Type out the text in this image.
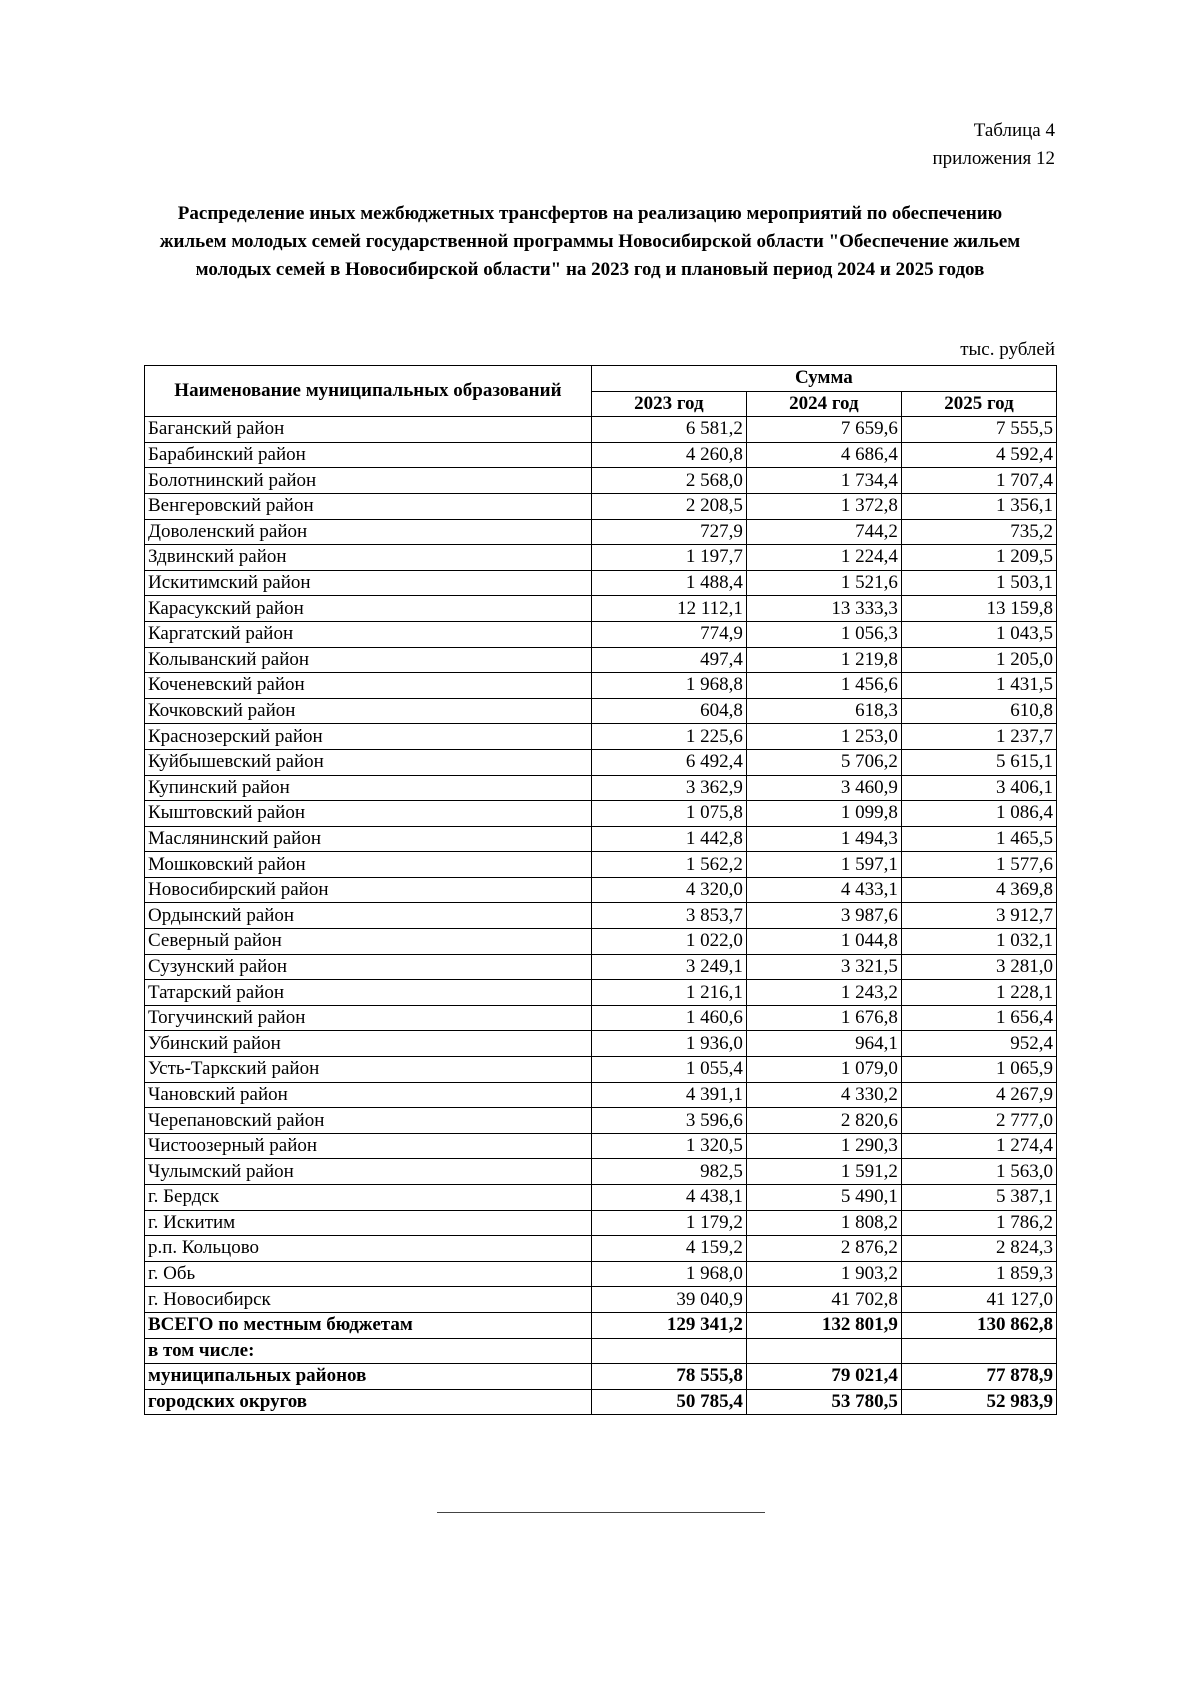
Таблица 4
приложения 12
Распределение иных межбюджетных трансфертов на реализацию мероприятий по обеспечению жильем молодых семей государственной программы Новосибирской области "Обеспечение жильем молодых семей в Новосибирской области" на 2023 год и плановый период 2024 и 2025 годов
тыс. рублей
Наименование муниципальных образований	Сумма		
	2023 год	2024 год	2025 год
Баганский район	6 581,2	7 659,6	7 555,5
Барабинский район	4 260,8	4 686,4	4 592,4
Болотнинский район	2 568,0	1 734,4	1 707,4
Венгеровский район	2 208,5	1 372,8	1 356,1
Доволенский район	727,9	744,2	735,2
Здвинский район	1 197,7	1 224,4	1 209,5
Искитимский район	1 488,4	1 521,6	1 503,1
Карасукский район	12 112,1	13 333,3	13 159,8
Каргатский район	774,9	1 056,3	1 043,5
Колыванский район	497,4	1 219,8	1 205,0
Коченевский район	1 968,8	1 456,6	1 431,5
Кочковский район	604,8	618,3	610,8
Краснозерский район	1 225,6	1 253,0	1 237,7
Куйбышевский район	6 492,4	5 706,2	5 615,1
Купинский район	3 362,9	3 460,9	3 406,1
Кыштовский район	1 075,8	1 099,8	1 086,4
Маслянинский район	1 442,8	1 494,3	1 465,5
Мошковский район	1 562,2	1 597,1	1 577,6
Новосибирский район	4 320,0	4 433,1	4 369,8
Ордынский район	3 853,7	3 987,6	3 912,7
Северный район	1 022,0	1 044,8	1 032,1
Сузунский район	3 249,1	3 321,5	3 281,0
Татарский район	1 216,1	1 243,2	1 228,1
Тогучинский район	1 460,6	1 676,8	1 656,4
Убинский район	1 936,0	964,1	952,4
Усть-Таркский район	1 055,4	1 079,0	1 065,9
Чановский район	4 391,1	4 330,2	4 267,9
Черепановский район	3 596,6	2 820,6	2 777,0
Чистоозерный район	1 320,5	1 290,3	1 274,4
Чулымский район	982,5	1 591,2	1 563,0
г. Бердск	4 438,1	5 490,1	5 387,1
г. Искитим	1 179,2	1 808,2	1 786,2
р.п. Кольцово	4 159,2	2 876,2	2 824,3
г. Обь	1 968,0	1 903,2	1 859,3
г. Новосибирск	39 040,9	41 702,8	41 127,0
ВСЕГО по местным бюджетам	129 341,2	132 801,9	130 862,8
в том числе:			
муниципальных районов	78 555,8	79 021,4	77 878,9
городских округов	50 785,4	53 780,5	52 983,9
